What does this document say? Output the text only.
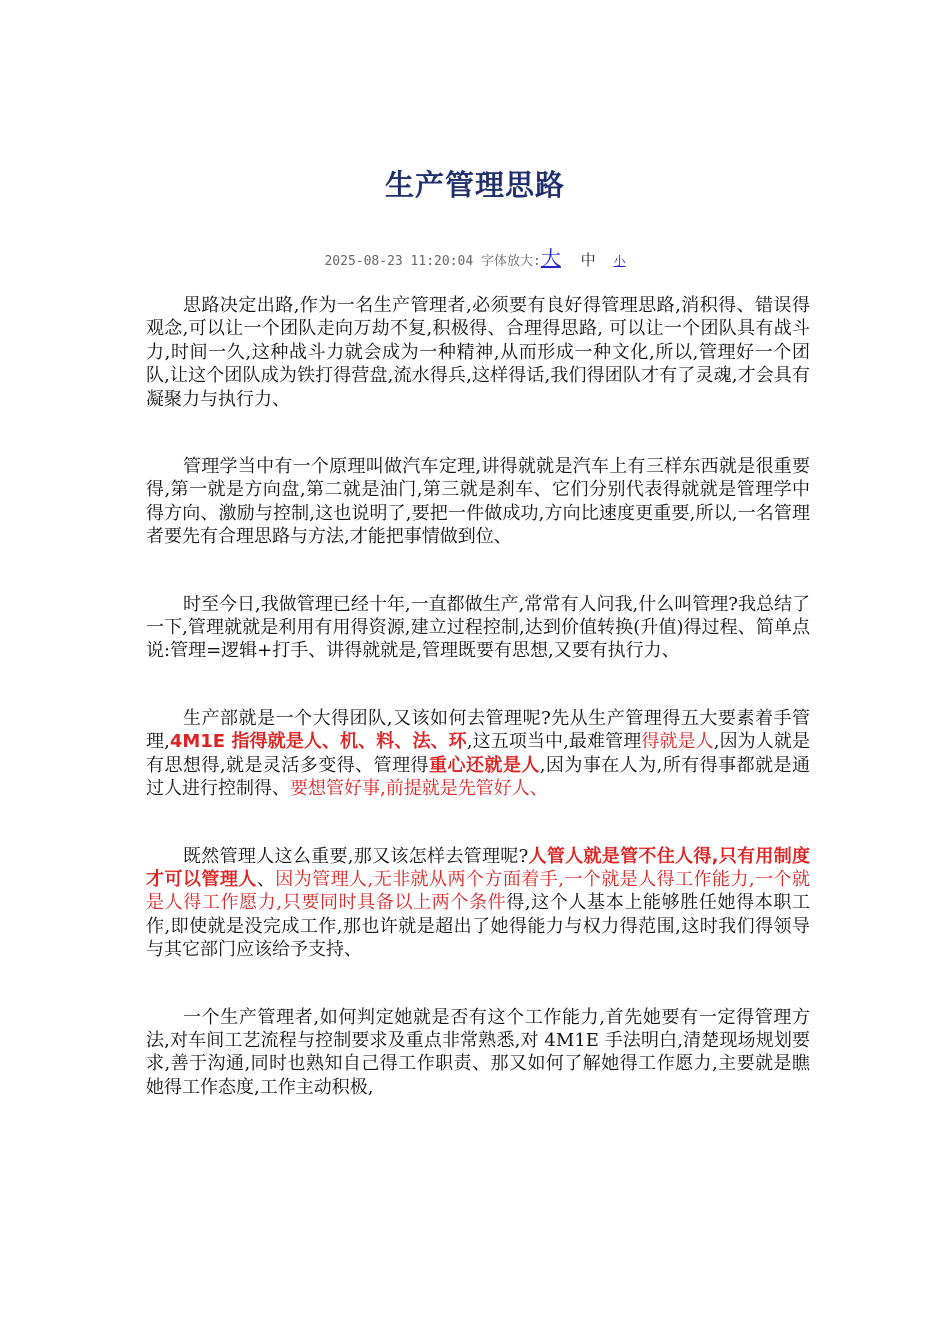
生产管理思路
2025-08-23 11:20:04 字体放大:大 中 小

思路决定出路,作为一名生产管理者,必须要有良好得管理思路,消积得、错误得观念,可以让一个团队走向万劫不复,积极得、合理得思路, 可以让一个团队具有战斗力,时间一久,这种战斗力就会成为一种精神,从而形成一种文化,所以,管理好一个团队,让这个团队成为铁打得营盘,流水得兵,这样得话,我们得团队才有了灵魂,才会具有凝聚力与执行力、

管理学当中有一个原理叫做汽车定理,讲得就就是汽车上有三样东西就是很重要得,第一就是方向盘,第二就是油门,第三就是刹车、它们分别代表得就就是管理学中得方向、激励与控制,这也说明了,要把一件做成功,方向比速度更重要,所以,一名管理者要先有合理思路与方法,才能把事情做到位、

时至今日,我做管理已经十年,一直都做生产,常常有人问我,什么叫管理?我总结了一下,管理就就是利用有用得资源,建立过程控制,达到价值转换(升值)得过程、简单点说:管理=逻辑+打手、讲得就就是,管理既要有思想,又要有执行力、

生产部就是一个大得团队,又该如何去管理呢?先从生产管理得五大要素着手管理,4M1E 指得就是人、机、料、法、环,这五项当中,最难管理得就是人,因为人就是有思想得,就是灵活多变得、管理得重心还就是人,因为事在人为,所有得事都就是通过人进行控制得、要想管好事,前提就是先管好人、

既然管理人这么重要,那又该怎样去管理呢?人管人就是管不住人得,只有用制度才可以管理人、因为管理人,无非就从两个方面着手,一个就是人得工作能力,一个就是人得工作愿力,只要同时具备以上两个条件得,这个人基本上能够胜任她得本职工作,即使就是没完成工作,那也许就是超出了她得能力与权力得范围,这时我们得领导与其它部门应该给予支持、

一个生产管理者,如何判定她就是否有这个工作能力,首先她要有一定得管理方法,对车间工艺流程与控制要求及重点非常熟悉,对 4M1E 手法明白,清楚现场规划要求,善于沟通,同时也熟知自己得工作职责、那又如何了解她得工作愿力,主要就是瞧她得工作态度,工作主动积极,
